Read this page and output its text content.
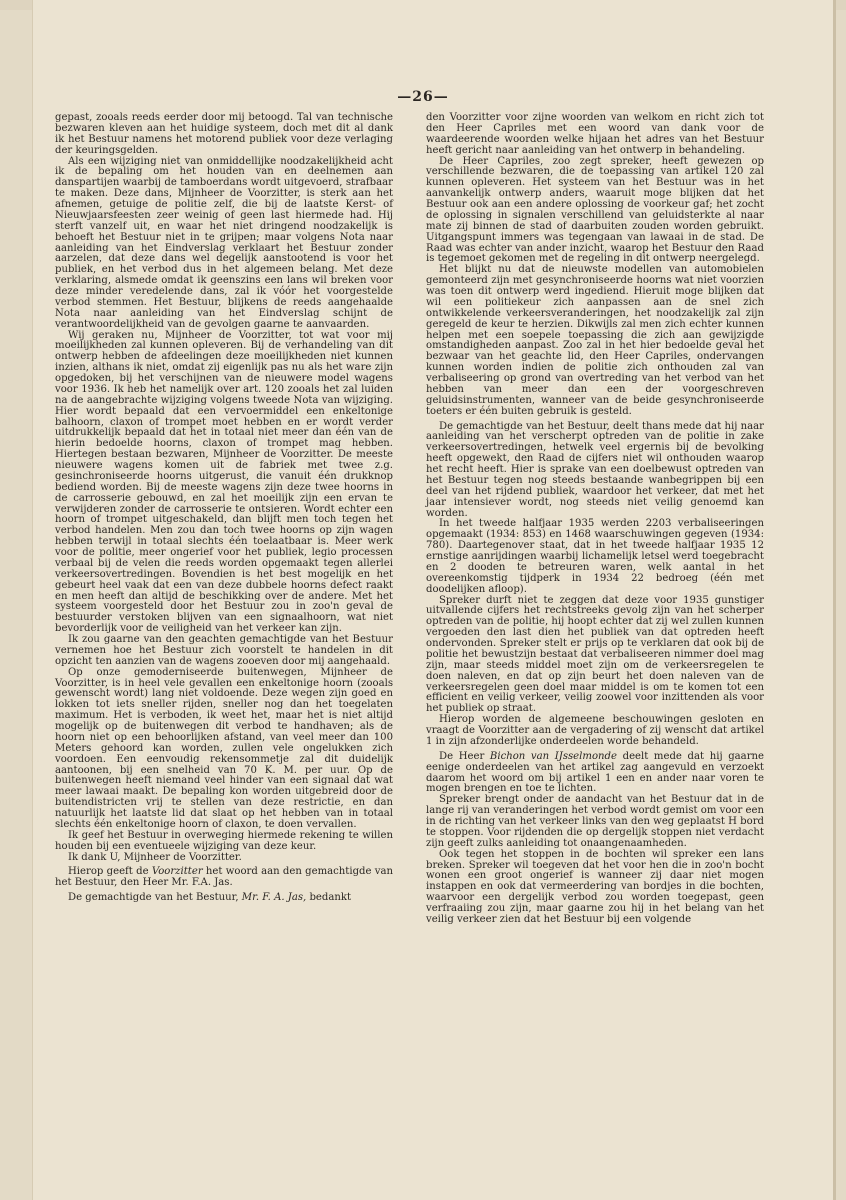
—26—

gepast, zooals reeds eerder door mij betoogd. Tal van technische bezwaren kleven aan het huidige systeem, doch met dit al dank ik het Bestuur namens het motorend publiek voor deze verlaging der keuringsgelden.

Als een wijziging niet van onmiddellijke noodzakelijkheid acht ik de bepaling om het houden van en deelnemen aan danspartijen waarbij de tamboerdans wordt uitgevoerd, strafbaar te maken. Deze dans, Mijnheer de Voorzitter, is sterk aan het afnemen, getuige de politie zelf, die bij de laatste Kerst- of Nieuwjaarsfeesten zeer weinig of geen last hiermede had. Hij sterft vanzelf uit, en waar het niet dringend noodzakelijk is behoeft het Bestuur niet in te grijpen; maar volgens Nota naar aanleiding van het Eindverslag verklaart het Bestuur zonder aarzelen, dat deze dans wel degelijk aanstootend is voor het publiek, en het verbod dus in het algemeen belang. Met deze verklaring, alsmede omdat ik geenszins een lans wil breken voor deze minder veredelende dans, zal ik vóór het voorgestelde verbod stemmen. Het Bestuur, blijkens de reeds aangehaalde Nota naar aanleiding van het Eindverslag schijnt de verantwoordelijkheid van de gevolgen gaarne te aanvaarden.

Wij geraken nu, Mijnheer de Voorzitter, tot wat voor mij moeilijkheden zal kunnen opleveren. Bij de verhandeling van dit ontwerp hebben de afdeelingen deze moeilijkheden niet kunnen inzien, althans ik niet, omdat zij eigenlijk pas nu als het ware zijn opgedoken, bij het verschijnen van de nieuwere model wagens voor 1936. Ik heb het namelijk over art. 120 zooals het zal luiden na de aangebrachte wijziging volgens tweede Nota van wijziging. Hier wordt bepaald dat een vervoermiddel een enkeltonige balhoorn, claxon of trompet moet hebben en er wordt verder uitdrukkelijk bepaald dat het in totaal niet meer dan één van de hierin bedoelde hoorns, claxon of trompet mag hebben. Hiertegen bestaan bezwaren, Mijnheer de Voorzitter. De meeste nieuwere wagens komen uit de fabriek met twee z.g. gesinchroniseerde hoorns uitgerust, die vanuit één drukknop bediend worden. Bij de meeste wagens zijn deze twee hoorns in de carrosserie gebouwd, en zal het moeilijk zijn een ervan te verwijderen zonder de carrosserie te ontsieren. Wordt echter een hoorn of trompet uitgeschakeld, dan blijft men toch tegen het verbod handelen. Men zou dan toch twee hoorns op zijn wagen hebben terwijl in totaal slechts één toelaatbaar is. Meer werk voor de politie, meer ongerief voor het publiek, legio processen verbaal bij de velen die reeds worden opgemaakt tegen allerlei verkeersovertredingen. Bovendien is het best mogelijk en het gebeurt heel vaak dat een van deze dubbele hoorns defect raakt en men heeft dan altijd de beschikking over de andere. Met het systeem voorgesteld door het Bestuur zou in zoo'n geval de bestuurder verstoken blijven van een signaalhoorn, wat niet bevorderlijk voor de veiligheid van het verkeer kan zijn.

Ik zou gaarne van den geachten gemachtigde van het Bestuur vernemen hoe het Bestuur zich voorstelt te handelen in dit opzicht ten aanzien van de wagens zooeven door mij aangehaald.

Op onze gemoderniseerde buitenwegen, Mijnheer de Voorzitter, is in heel vele gevallen een enkeltonige hoorn (zooals gewenscht wordt) lang niet voldoende. Deze wegen zijn goed en lokken tot iets sneller rijden, sneller nog dan het toegelaten maximum. Het is verboden, ik weet het, maar het is niet altijd mogelijk op de buitenwegen dit verbod te handhaven; als de hoorn niet op een behoorlijken afstand, van veel meer dan 100 Meters gehoord kan worden, zullen vele ongelukken zich voordoen. Een eenvoudig rekensommetje zal dit duidelijk aantoonen, bij een snelheid van 70 K. M. per uur. Op de buitenwegen heeft niemand veel hinder van een signaal dat wat meer lawaai maakt. De bepaling kon worden uitgebreid door de buitendistricten vrij te stellen van deze restrictie, en dan natuurlijk het laatste lid dat slaat op het hebben van in totaal slechts één enkeltonige hoorn of claxon, te doen vervallen.

Ik geef het Bestuur in overweging hiermede rekening te willen houden bij een eventueele wijziging van deze keur.

Ik dank U, Mijnheer de Voorzitter.

Hierop geeft de Voorzitter het woord aan den gemachtigde van het Bestuur, den Heer Mr. F.A. Jas.

De gemachtigde van het Bestuur, Mr. F. A. Jas, bedankt

den Voorzitter voor zijne woorden van welkom en richt zich tot den Heer Capriles met een woord van dank voor de waardeerende woorden welke hijaan het adres van het Bestuur heeft gericht naar aanleiding van het ontwerp in behandeling.

De Heer Capriles, zoo zegt spreker, heeft gewezen op verschillende bezwaren, die de toepassing van artikel 120 zal kunnen opleveren. Het systeem van het Bestuur was in het aanvankelijk ontwerp anders, waaruit moge blijken dat het Bestuur ook aan een andere oplossing de voorkeur gaf; het zocht de oplossing in signalen verschillend van geluidsterkte al naar mate zij binnen de stad of daarbuiten zouden worden gebruikt. Uitgangspunt immers was tegengaan van lawaai in de stad. De Raad was echter van ander inzicht, waarop het Bestuur den Raad is tegemoet gekomen met de regeling in dit ontwerp neergelegd.

Het blijkt nu dat de nieuwste modellen van automobielen gemonteerd zijn met gesynchroniseerde hoorns wat niet voorzien was toen dit ontwerp werd ingediend. Hieruit moge blijken dat wil een politiekeur zich aanpassen aan de snel zich ontwikkelende verkeersveranderingen, het noodzakelijk zal zijn geregeld de keur te herzien. Dikwijls zal men zich echter kunnen helpen met een soepele toepassing die zich aan gewijzigde omstandigheden aanpast. Zoo zal in het hier bedoelde geval het bezwaar van het geachte lid, den Heer Capriles, ondervangen kunnen worden indien de politie zich onthouden zal van verbaliseering op grond van overtreding van het verbod van het hebben van meer dan een der voorgeschreven geluidsinstrumenten, wanneer van de beide gesynchroniseerde toeters er één buiten gebruik is gesteld.

De gemachtigde van het Bestuur, deelt thans mede dat hij naar aanleiding van het verscherpt optreden van de politie in zake verkeersovertredingen, hetwelk veel ergernis bij de bevolking heeft opgewekt, den Raad de cijfers niet wil onthouden waarop het recht heeft. Hier is sprake van een doelbewust optreden van het Bestuur tegen nog steeds bestaande wanbegrippen bij een deel van het rijdend publiek, waardoor het verkeer, dat met het jaar intensiever wordt, nog steeds niet veilig genoemd kan worden.

In het tweede halfjaar 1935 werden 2203 verbaliseeringen opgemaakt (1934: 853) en 1468 waarschuwingen gegeven (1934: 780). Daartegenover staat, dat in het tweede halfjaar 1935 12 ernstige aanrijdingen waarbij lichamelijk letsel werd toegebracht en 2 dooden te betreuren waren, welk aantal in het overeenkomstig tijdperk in 1934 22 bedroeg (één met doodelijken afloop).

Spreker durft niet te zeggen dat deze voor 1935 gunstiger uitvallende cijfers het rechtstreeks gevolg zijn van het scherper optreden van de politie, hij hoopt echter dat zij wel zullen kunnen vergoeden den last dien het publiek van dat optreden heeft ondervonden. Spreker stelt er prijs op te verklaren dat ook bij de politie het bewustzijn bestaat dat verbaliseeren nimmer doel mag zijn, maar steeds middel moet zijn om de verkeersregelen te doen naleven, en dat op zijn beurt het doen naleven van de verkeersregelen geen doel maar middel is om te komen tot een efficient en veilig verkeer, veilig zoowel voor inzittenden als voor het publiek op straat.

Hierop worden de algemeene beschouwingen gesloten en vraagt de Voorzitter aan de vergadering of zij wenscht dat artikel 1 in zijn afzonderlijke onderdeelen worde behandeld.

De Heer Bichon van IJsselmonde deelt mede dat hij gaarne eenige onderdeelen van het artikel zag aangevuld en verzoekt daarom het woord om bij artikel 1 een en ander naar voren te mogen brengen en toe te lichten.

Spreker brengt onder de aandacht van het Bestuur dat in de lange rij van veranderingen het verbod wordt gemist om voor een in de richting van het verkeer links van den weg geplaatst H bord te stoppen. Voor rijdenden die op dergelijk stoppen niet verdacht zijn geeft zulks aanleiding tot onaangenaamheden.

Ook tegen het stoppen in de bochten wil spreker een lans breken. Spreker wil toegeven dat het voor hen die in zoo'n bocht wonen een groot ongerief is wanneer zij daar niet mogen instappen en ook dat vermeerdering van bordjes in die bochten, waarvoor een dergelijk verbod zou worden toegepast, geen verfraaiing zou zijn, maar gaarne zou hij in het belang van het veilig verkeer zien dat het Bestuur bij een volgende
